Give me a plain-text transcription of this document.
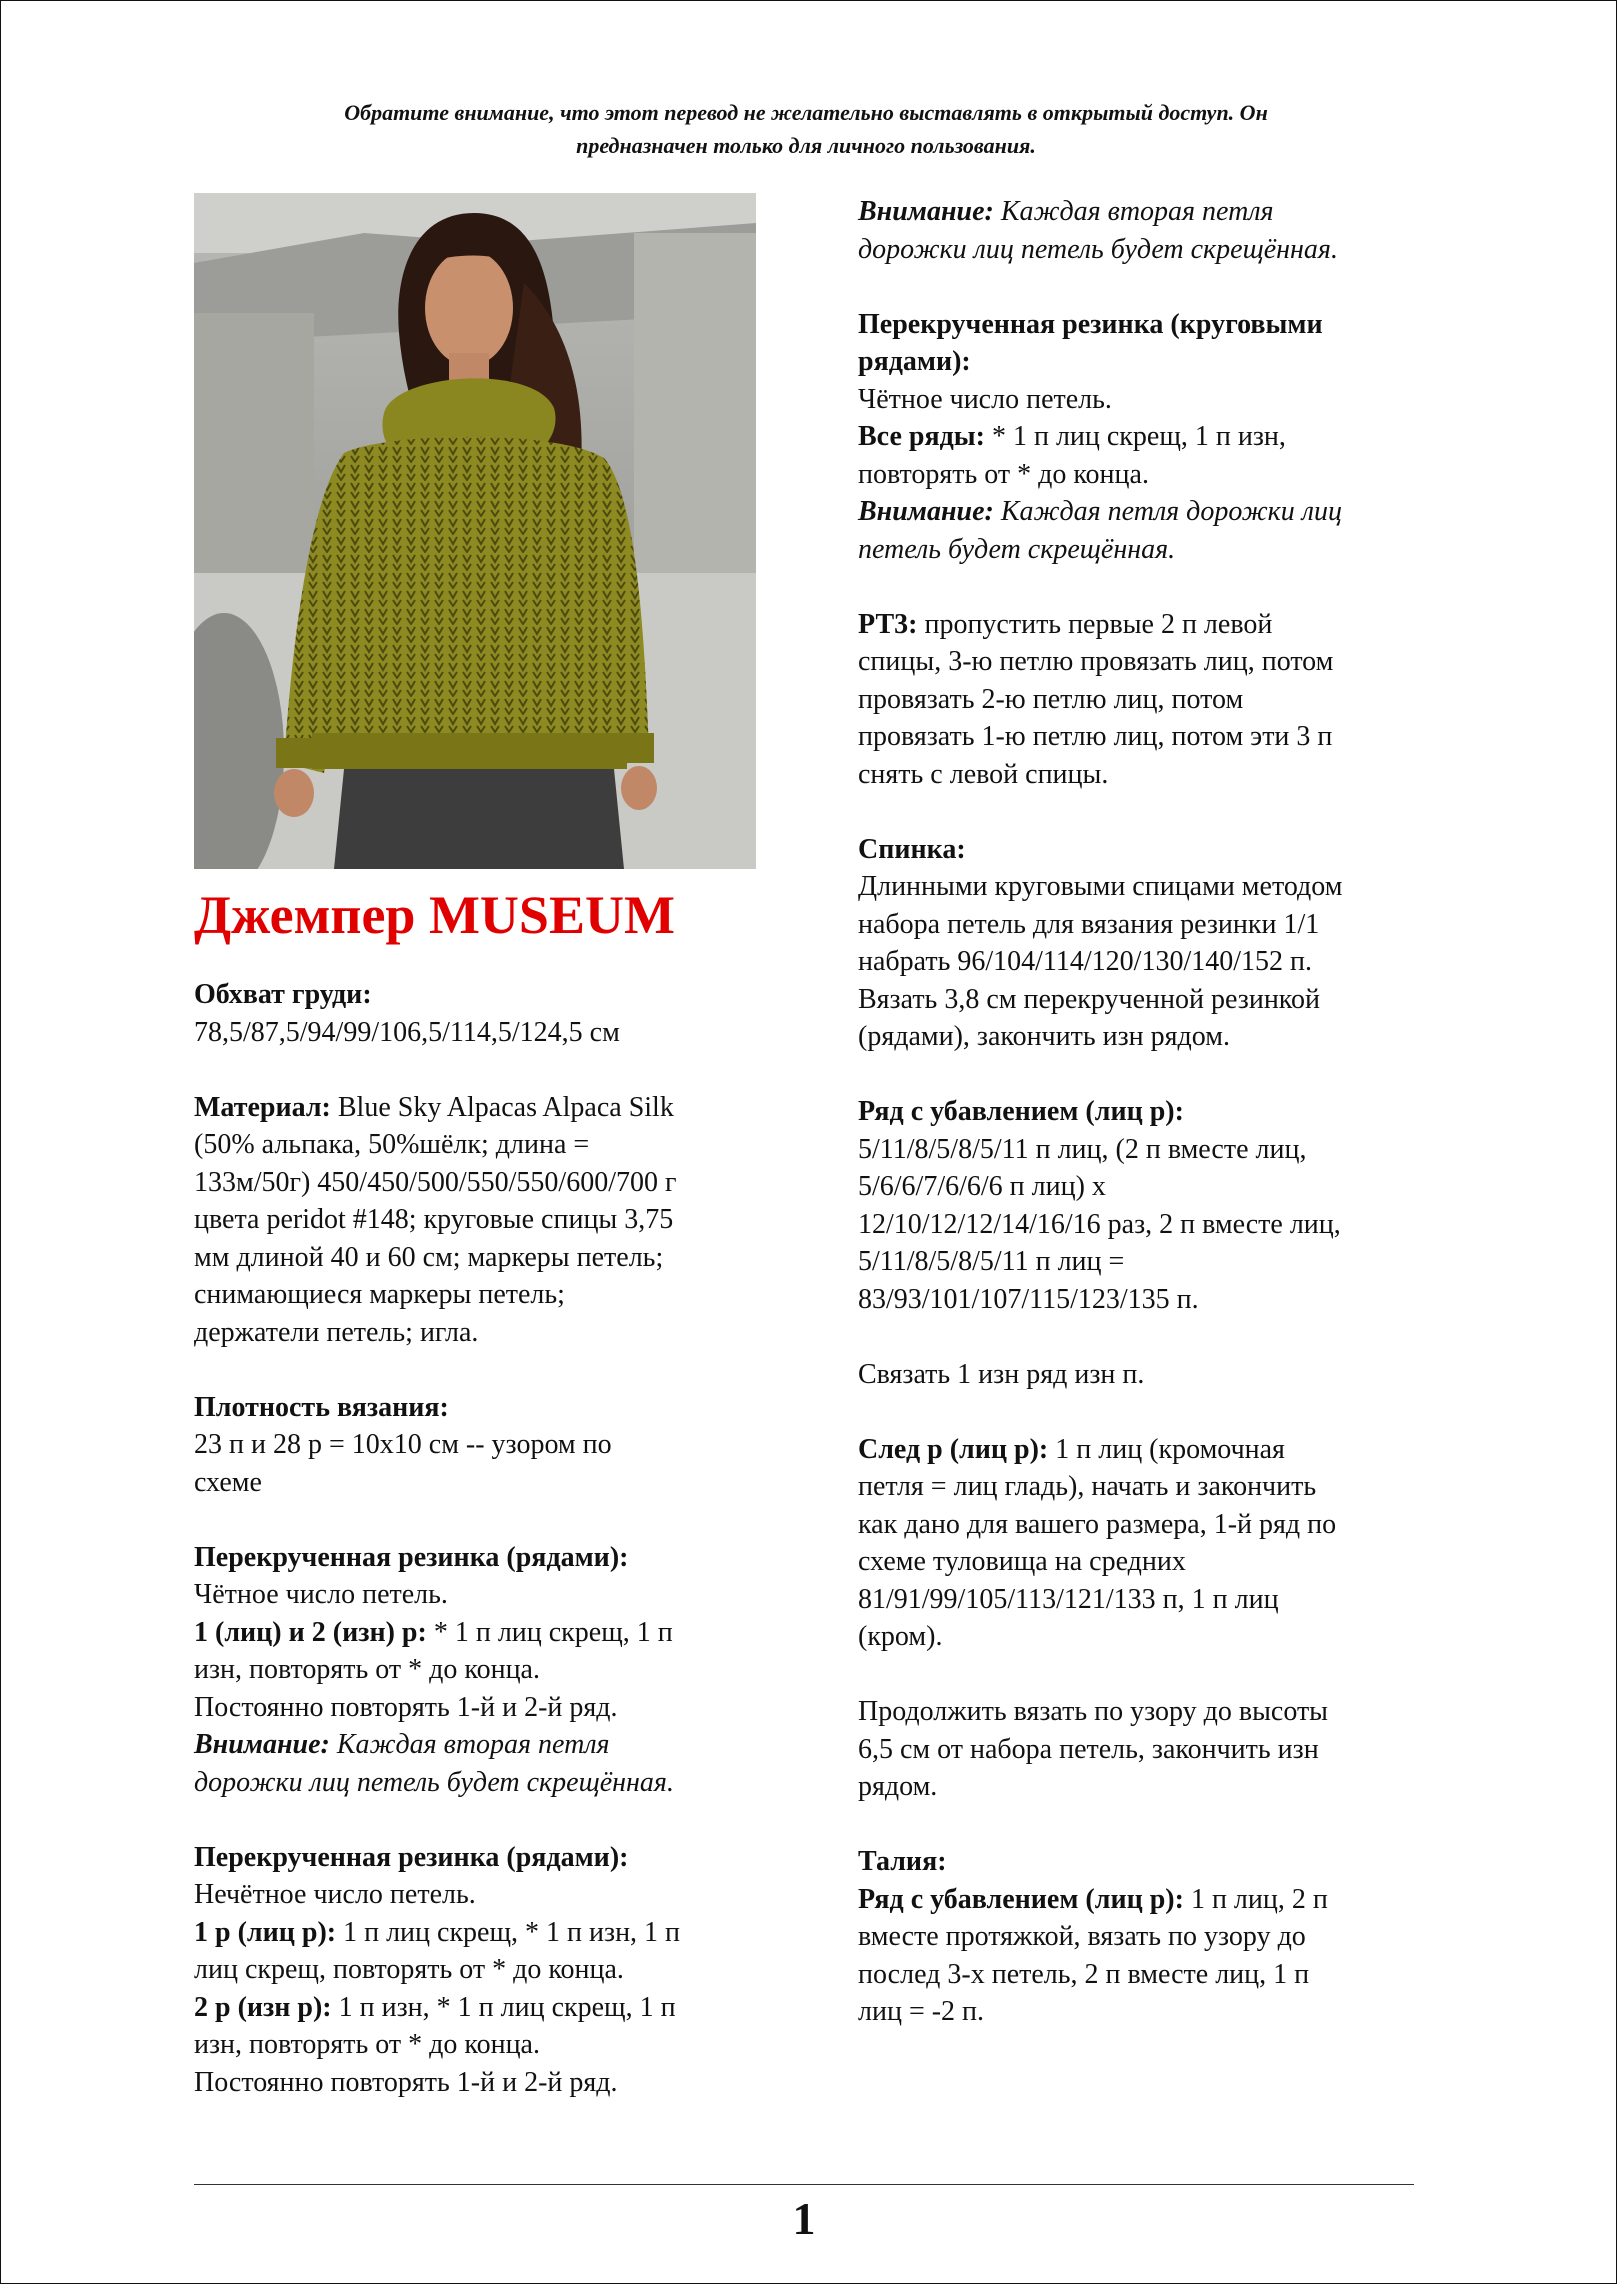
Обратите внимание, что этот перевод не желательно выставлять в открытый доступ. Он
предназначен только для личного пользования.
Джемпер MUSEUM
Обхват груди:
78,5/87,5/94/99/106,5/114,5/124,5 см
Материал: Blue Sky Alpacas Alpaca Silk
(50% альпака, 50%шёлк; длина =
133м/50г) 450/450/500/550/550/600/700 г
цвета peridot #148; круговые спицы 3,75
мм длиной 40 и 60 см; маркеры петель;
снимающиеся маркеры петель;
держатели петель; игла.
Плотность вязания:
23 п и 28 р = 10х10 см -- узором по
схеме
Перекрученная резинка (рядами):
Чётное число петель.
1 (лиц) и 2 (изн) р: * 1 п лиц скрещ, 1 п
изн, повторять от * до конца.
Постоянно повторять 1-й и 2-й ряд.
Внимание: Каждая вторая петля
дорожки лиц петель будет скрещённая.
Перекрученная резинка (рядами):
Нечётное число петель.
1 р (лиц р): 1 п лиц скрещ, * 1 п изн, 1 п
лиц скрещ, повторять от * до конца.
2 р (изн р): 1 п изн, * 1 п лиц скрещ, 1 п
изн, повторять от * до конца.
Постоянно повторять 1-й и 2-й ряд.
Внимание: Каждая вторая петля
дорожки лиц петель будет скрещённая.
Перекрученная резинка (круговыми
рядами):
Чётное число петель.
Все ряды: * 1 п лиц скрещ, 1 п изн,
повторять от * до конца.
Внимание: Каждая петля дорожки лиц
петель будет скрещённая.
РТ3: пропустить первые 2 п левой
спицы, 3-ю петлю провязать лиц, потом
провязать 2-ю петлю лиц, потом
провязать 1-ю петлю лиц, потом эти 3 п
снять с левой спицы.
Спинка:
Длинными круговыми спицами методом
набора петель для вязания резинки 1/1
набрать 96/104/114/120/130/140/152 п.
Вязать 3,8 см перекрученной резинкой
(рядами), закончить изн рядом.
Ряд с убавлением (лиц р):
5/11/8/5/8/5/11 п лиц, (2 п вместе лиц,
5/6/6/7/6/6/6 п лиц) х
12/10/12/12/14/16/16 раз, 2 п вместе лиц,
5/11/8/5/8/5/11 п лиц =
83/93/101/107/115/123/135 п.
Связать 1 изн ряд изн п.
След р (лиц р): 1 п лиц (кромочная
петля = лиц гладь), начать и закончить
как дано для вашего размера, 1-й ряд по
схеме туловища на средних
81/91/99/105/113/121/133 п, 1 п лиц
(кром).
Продолжить вязать по узору до высоты
6,5 см от набора петель, закончить изн
рядом.
Талия:
Ряд с убавлением (лиц р): 1 п лиц, 2 п
вместе протяжкой, вязать по узору до
послед 3-х петель, 2 п вместе лиц, 1 п
лиц = -2 п.
1
